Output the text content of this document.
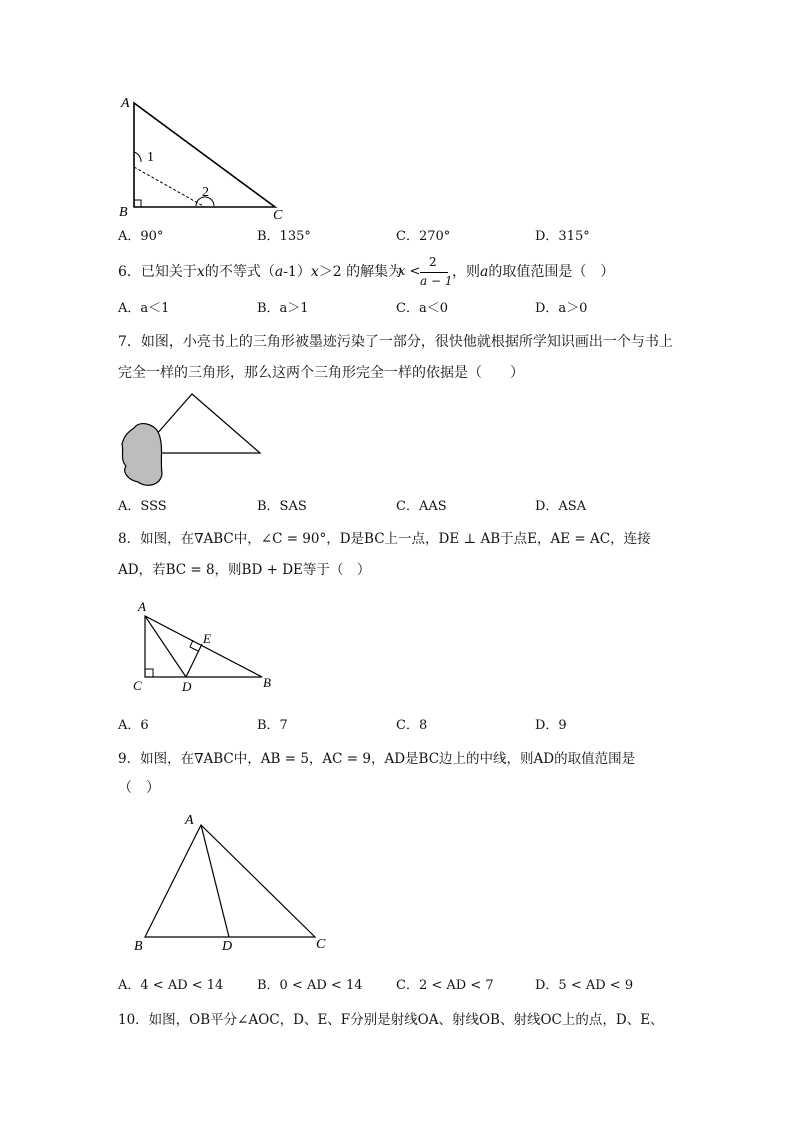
A
B	C
1
2
A．90°	B．135°	C．270°	D．315°
6．已知关于x的不等式（a-1）x＞2 的解集为
x <
2
a − 1
，则a的取值范围是（　）
A．a＜1	B．a＞1	C．a＜0	D．a＞0
7．如图，小亮书上的三角形被墨迹污染了一部分，很快他就根据所学知识画出一个与书上
完全一样的三角形，那么这两个三角形完全一样的依据是（　　）
A．SSS	B．SAS	C．AAS	D．ASA
8．如图，在∇ABC中，∠C = 90°，D是BC上一点，DE ⊥ AB于点E，AE = AC，连接
AD，若BC = 8，则BD + DE等于（　）
A
C	D	B
E
A．6	B．7	C．8	D．9
9．如图，在∇ABC中，AB = 5，AC = 9，AD是BC边上的中线，则AD的取值范围是
（　）
A
B	D	C
A．4 < AD < 14	B．0 < AD < 14	C．2 < AD < 7	D．5 < AD < 9
10．如图，OB平分∠AOC，D、E、F分别是射线OA、射线OB、射线OC上的点，D、E、
